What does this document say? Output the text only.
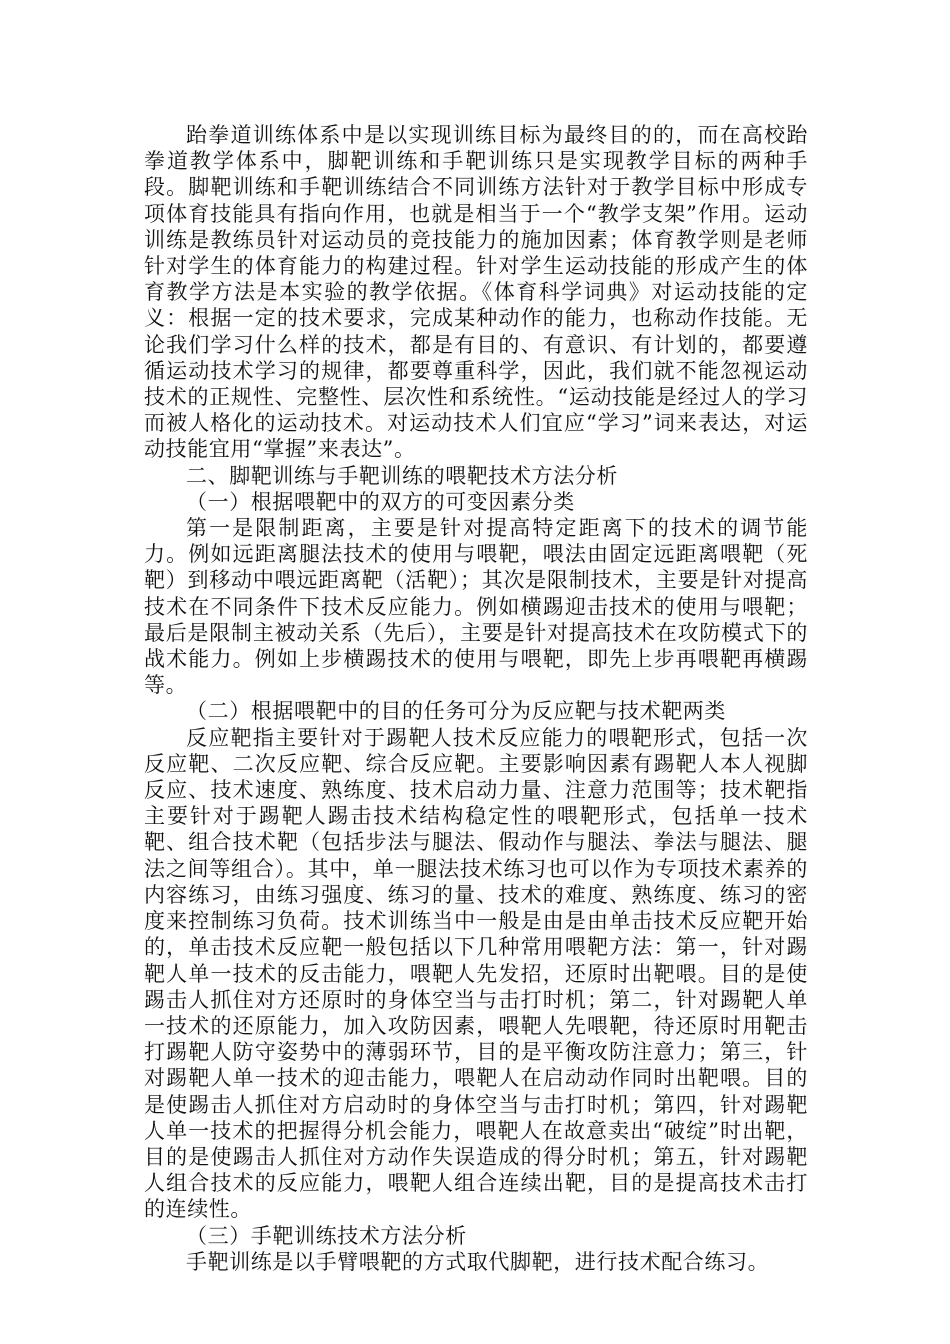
跆拳道训练体系中是以实现训练目标为最终目的的，而在高校跆拳道教学体系中，脚靶训练和手靶训练只是实现教学目标的两种手段。脚靶训练和手靶训练结合不同训练方法针对于教学目标中形成专项体育技能具有指向作用，也就是相当于一个“教学支架”作用。运动训练是教练员针对运动员的竞技能力的施加因素；体育教学则是老师针对学生的体育能力的构建过程。针对学生运动技能的形成产生的体育教学方法是本实验的教学依据。《体育科学词典》对运动技能的定义：根据一定的技术要求，完成某种动作的能力，也称动作技能。无论我们学习什么样的技术，都是有目的、有意识、有计划的，都要遵循运动技术学习的规律，都要尊重科学，因此，我们就不能忽视运动技术的正规性、完整性、层次性和系统性。“运动技能是经过人的学习而被人格化的运动技术。对运动技术人们宜应“学习”词来表达，对运动技能宜用“掌握”来表达”。

二、脚靶训练与手靶训练的喂靶技术方法分析

（一）根据喂靶中的双方的可变因素分类

第一是限制距离，主要是针对提高特定距离下的技术的调节能力。例如远距离腿法技术的使用与喂靶，喂法由固定远距离喂靶（死靶）到移动中喂远距离靶（活靶）；其次是限制技术，主要是针对提高技术在不同条件下技术反应能力。例如横踢迎击技术的使用与喂靶；最后是限制主被动关系（先后），主要是针对提高技术在攻防模式下的战术能力。例如上步横踢技术的使用与喂靶，即先上步再喂靶再横踢等。

（二）根据喂靶中的目的任务可分为反应靶与技术靶两类

反应靶指主要针对于踢靶人技术反应能力的喂靶形式，包括一次反应靶、二次反应靶、综合反应靶。主要影响因素有踢靶人本人视脚反应、技术速度、熟练度、技术启动力量、注意力范围等；技术靶指主要针对于踢靶人踢击技术结构稳定性的喂靶形式，包括单一技术靶、组合技术靶（包括步法与腿法、假动作与腿法、拳法与腿法、腿法之间等组合）。其中，单一腿法技术练习也可以作为专项技术素养的内容练习，由练习强度、练习的量、技术的难度、熟练度、练习的密度来控制练习负荷。技术训练当中一般是由是由单击技术反应靶开始的，单击技术反应靶一般包括以下几种常用喂靶方法：第一，针对踢靶人单一技术的反击能力，喂靶人先发招，还原时出靶喂。目的是使踢击人抓住对方还原时的身体空当与击打时机；第二，针对踢靶人单一技术的还原能力，加入攻防因素，喂靶人先喂靶，待还原时用靶击打踢靶人防守姿势中的薄弱环节，目的是平衡攻防注意力；第三，针对踢靶人单一技术的迎击能力，喂靶人在启动动作同时出靶喂。目的是使踢击人抓住对方启动时的身体空当与击打时机；第四，针对踢靶人单一技术的把握得分机会能力，喂靶人在故意卖出“破绽”时出靶，目的是使踢击人抓住对方动作失误造成的得分时机；第五，针对踢靶人组合技术的反应能力，喂靶人组合连续出靶，目的是提高技术击打的连续性。

（三）手靶训练技术方法分析

手靶训练是以手臂喂靶的方式取代脚靶，进行技术配合练习。
